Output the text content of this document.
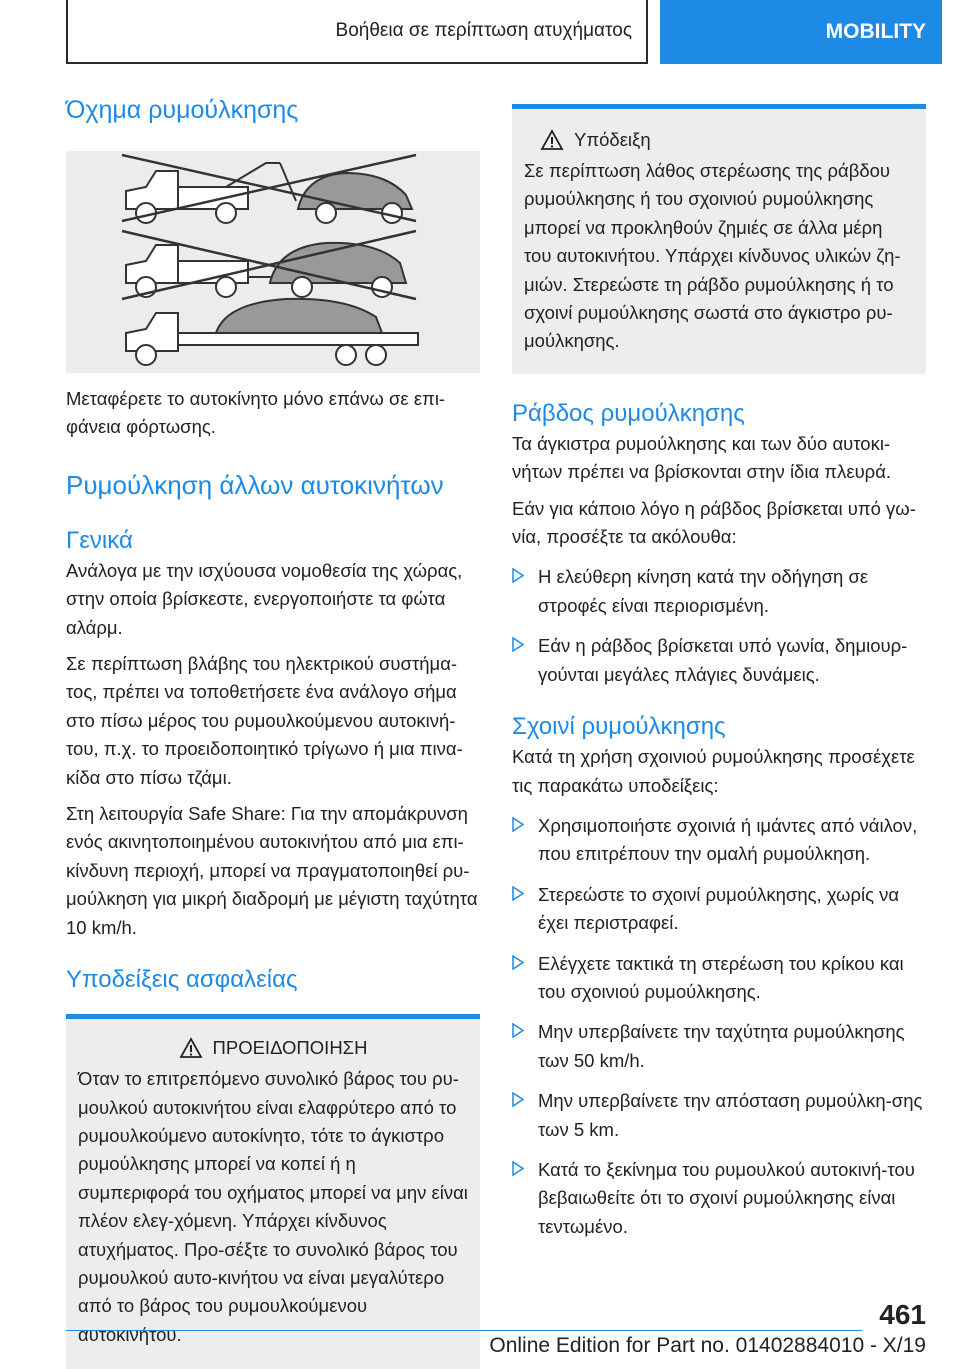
Βοήθεια σε περίπτωση ατυχήματος	MOBILITY
Όχημα ρυμούλκησης

Μεταφέρετε το αυτοκίνητο μόνο επάνω σε επι-
φάνεια φόρτωσης.

Ρυμούλκηση άλλων αυτοκινήτων
Γενικά

Ανάλογα με την ισχύουσα νομοθεσία της χώρας, στην οποία βρίσκεστε, ενεργοποιήστε τα φώτα αλάρμ.

Σε περίπτωση βλάβης του ηλεκτρικού συστήμα-τος, πρέπει να τοποθετήσετε ένα ανάλογο σήμα στο πίσω μέρος του ρυμουλκούμενου αυτοκινή-του, π.χ. το προειδοποιητικό τρίγωνο ή μια πινα-κίδα στο πίσω τζάμι.

Στη λειτουργία Safe Share: Για την απομάκρυνση ενός ακινητοποιημένου αυτοκινήτου από μια επι-κίνδυνη περιοχή, μπορεί να πραγματοποιηθεί ρυ-μούλκηση για μικρή διαδρομή με μέγιστη ταχύτητα 10 km/h.

Υποδείξεις ασφαλείας
ΠΡΟΕΙΔΟΠΟΙΗΣΗ

Όταν το επιτρεπόμενο συνολικό βάρος του ρυ-μουλκού αυτοκινήτου είναι ελαφρύτερο από το ρυμουλκούμενο αυτοκίνητο, τότε το άγκιστρο ρυμούλκησης μπορεί να κοπεί ή η συμπεριφορά του οχήματος μπορεί να μην είναι πλέον ελεγ-χόμενη. Υπάρχει κίνδυνος ατυχήματος. Προ-σέξτε το συνολικό βάρος του ρυμουλκού αυτο-κινήτου να είναι μεγαλύτερο από το βάρος του ρυμουλκούμενου αυτοκινήτου.

Υπόδειξη

Σε περίπτωση λάθος στερέωσης της ράβδου ρυμούλκησης ή του σχοινιού ρυμούλκησης μπορεί να προκληθούν ζημιές σε άλλα μέρη του αυτοκινήτου. Υπάρχει κίνδυνος υλικών ζη-μιών. Στερεώστε τη ράβδο ρυμούλκησης ή το σχοινί ρυμούλκησης σωστά στο άγκιστρο ρυ-μούλκησης.

Ράβδος ρυμούλκησης

Τα άγκιστρα ρυμούλκησης και των δύο αυτοκι-νήτων πρέπει να βρίσκονται στην ίδια πλευρά.

Εάν για κάποιο λόγο η ράβδος βρίσκεται υπό γω-νία, προσέξτε τα ακόλουθα:

Η ελεύθερη κίνηση κατά την οδήγηση σε στροφές είναι περιορισμένη.
Εάν η ράβδος βρίσκεται υπό γωνία, δημιουρ-γούνται μεγάλες πλάγιες δυνάμεις.
Σχοινί ρυμούλκησης

Κατά τη χρήση σχοινιού ρυμούλκησης προσέχετε τις παρακάτω υποδείξεις:

Χρησιμοποιήστε σχοινιά ή ιμάντες από νάιλον, που επιτρέπουν την ομαλή ρυμούλκηση.
Στερεώστε το σχοινί ρυμούλκησης, χωρίς να έχει περιστραφεί.
Ελέγχετε τακτικά τη στερέωση του κρίκου και του σχοινιού ρυμούλκησης.
Μην υπερβαίνετε την ταχύτητα ρυμούλκησης των 50 km/h.
Μην υπερβαίνετε την απόσταση ρυμούλκη-σης των 5 km.
Κατά το ξεκίνημα του ρυμουλκού αυτοκινή-του βεβαιωθείτε ότι το σχοινί ρυμούλκησης είναι τεντωμένο.
461
Online Edition for Part no. 01402884010 - X/19
